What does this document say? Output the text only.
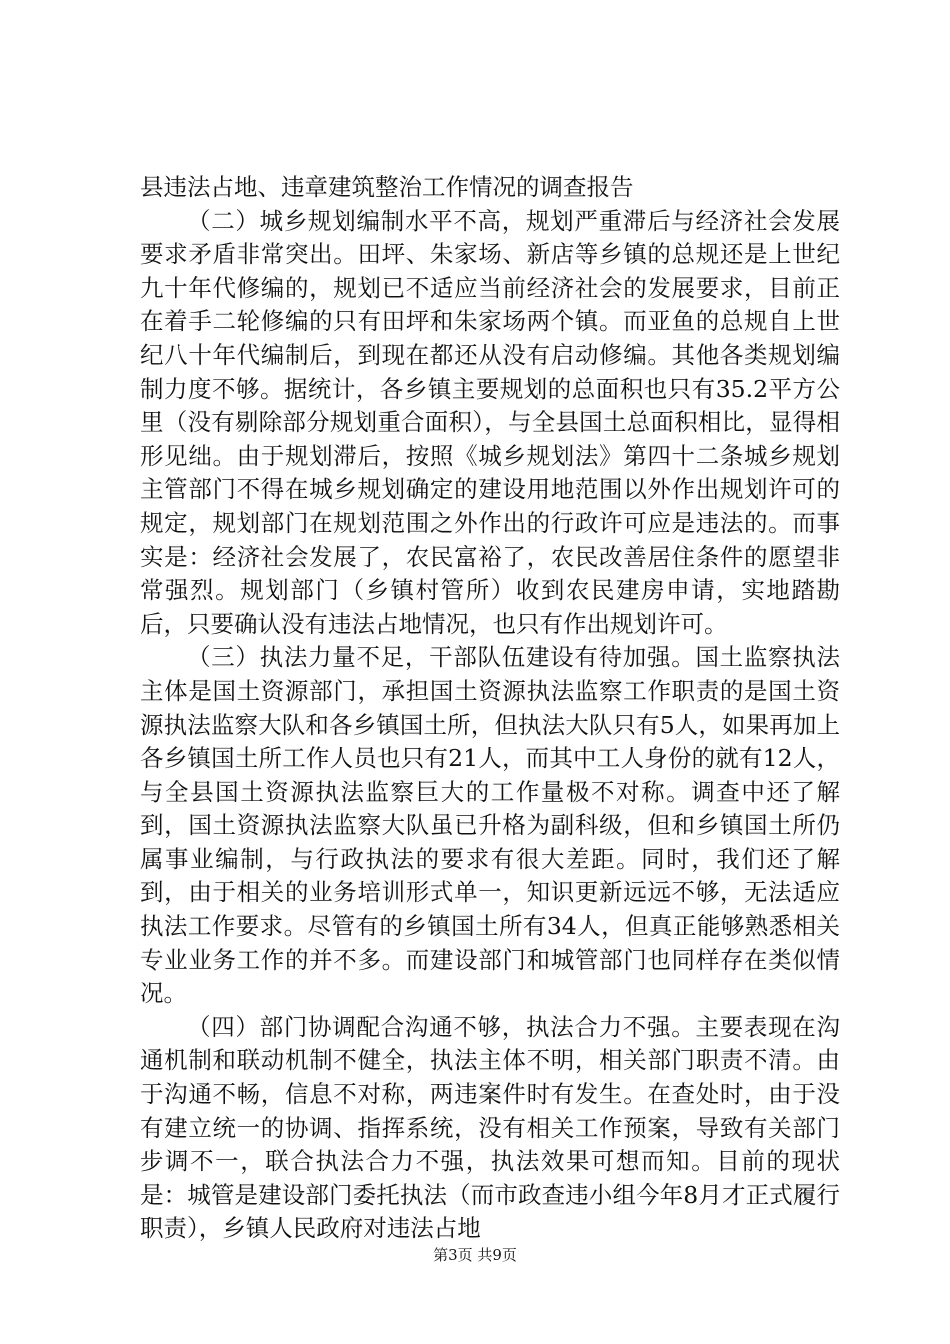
县违法占地、违章建筑整治工作情况的调查报告

（二）城乡规划编制水平不高，规划严重滞后与经济社会发展要求矛盾非常突出。田坪、朱家场、新店等乡镇的总规还是上世纪九十年代修编的，规划已不适应当前经济社会的发展要求，目前正在着手二轮修编的只有田坪和朱家场两个镇。而亚鱼的总规自上世纪八十年代编制后，到现在都还从没有启动修编。其他各类规划编制力度不够。据统计，各乡镇主要规划的总面积也只有35.2平方公里（没有剔除部分规划重合面积），与全县国土总面积相比，显得相形见绌。由于规划滞后，按照《城乡规划法》第四十二条城乡规划主管部门不得在城乡规划确定的建设用地范围以外作出规划许可的规定，规划部门在规划范围之外作出的行政许可应是违法的。而事实是：经济社会发展了，农民富裕了，农民改善居住条件的愿望非常强烈。规划部门（乡镇村管所）收到农民建房申请，实地踏勘后，只要确认没有违法占地情况，也只有作出规划许可。

（三）执法力量不足，干部队伍建设有待加强。国土监察执法主体是国土资源部门，承担国土资源执法监察工作职责的是国土资源执法监察大队和各乡镇国土所，但执法大队只有5人，如果再加上各乡镇国土所工作人员也只有21人，而其中工人身份的就有12人，与全县国土资源执法监察巨大的工作量极不对称。调查中还了解到，国土资源执法监察大队虽已升格为副科级，但和乡镇国土所仍属事业编制，与行政执法的要求有很大差距。同时，我们还了解到，由于相关的业务培训形式单一，知识更新远远不够，无法适应执法工作要求。尽管有的乡镇国土所有34人，但真正能够熟悉相关专业业务工作的并不多。而建设部门和城管部门也同样存在类似情况。

（四）部门协调配合沟通不够，执法合力不强。主要表现在沟通机制和联动机制不健全，执法主体不明，相关部门职责不清。由于沟通不畅，信息不对称，两违案件时有发生。在查处时，由于没有建立统一的协调、指挥系统，没有相关工作预案，导致有关部门步调不一，联合执法合力不强，执法效果可想而知。目前的现状是：城管是建设部门委托执法（而市政查违小组今年8月才正式履行职责），乡镇人民政府对违法占地

第3页 共9页
